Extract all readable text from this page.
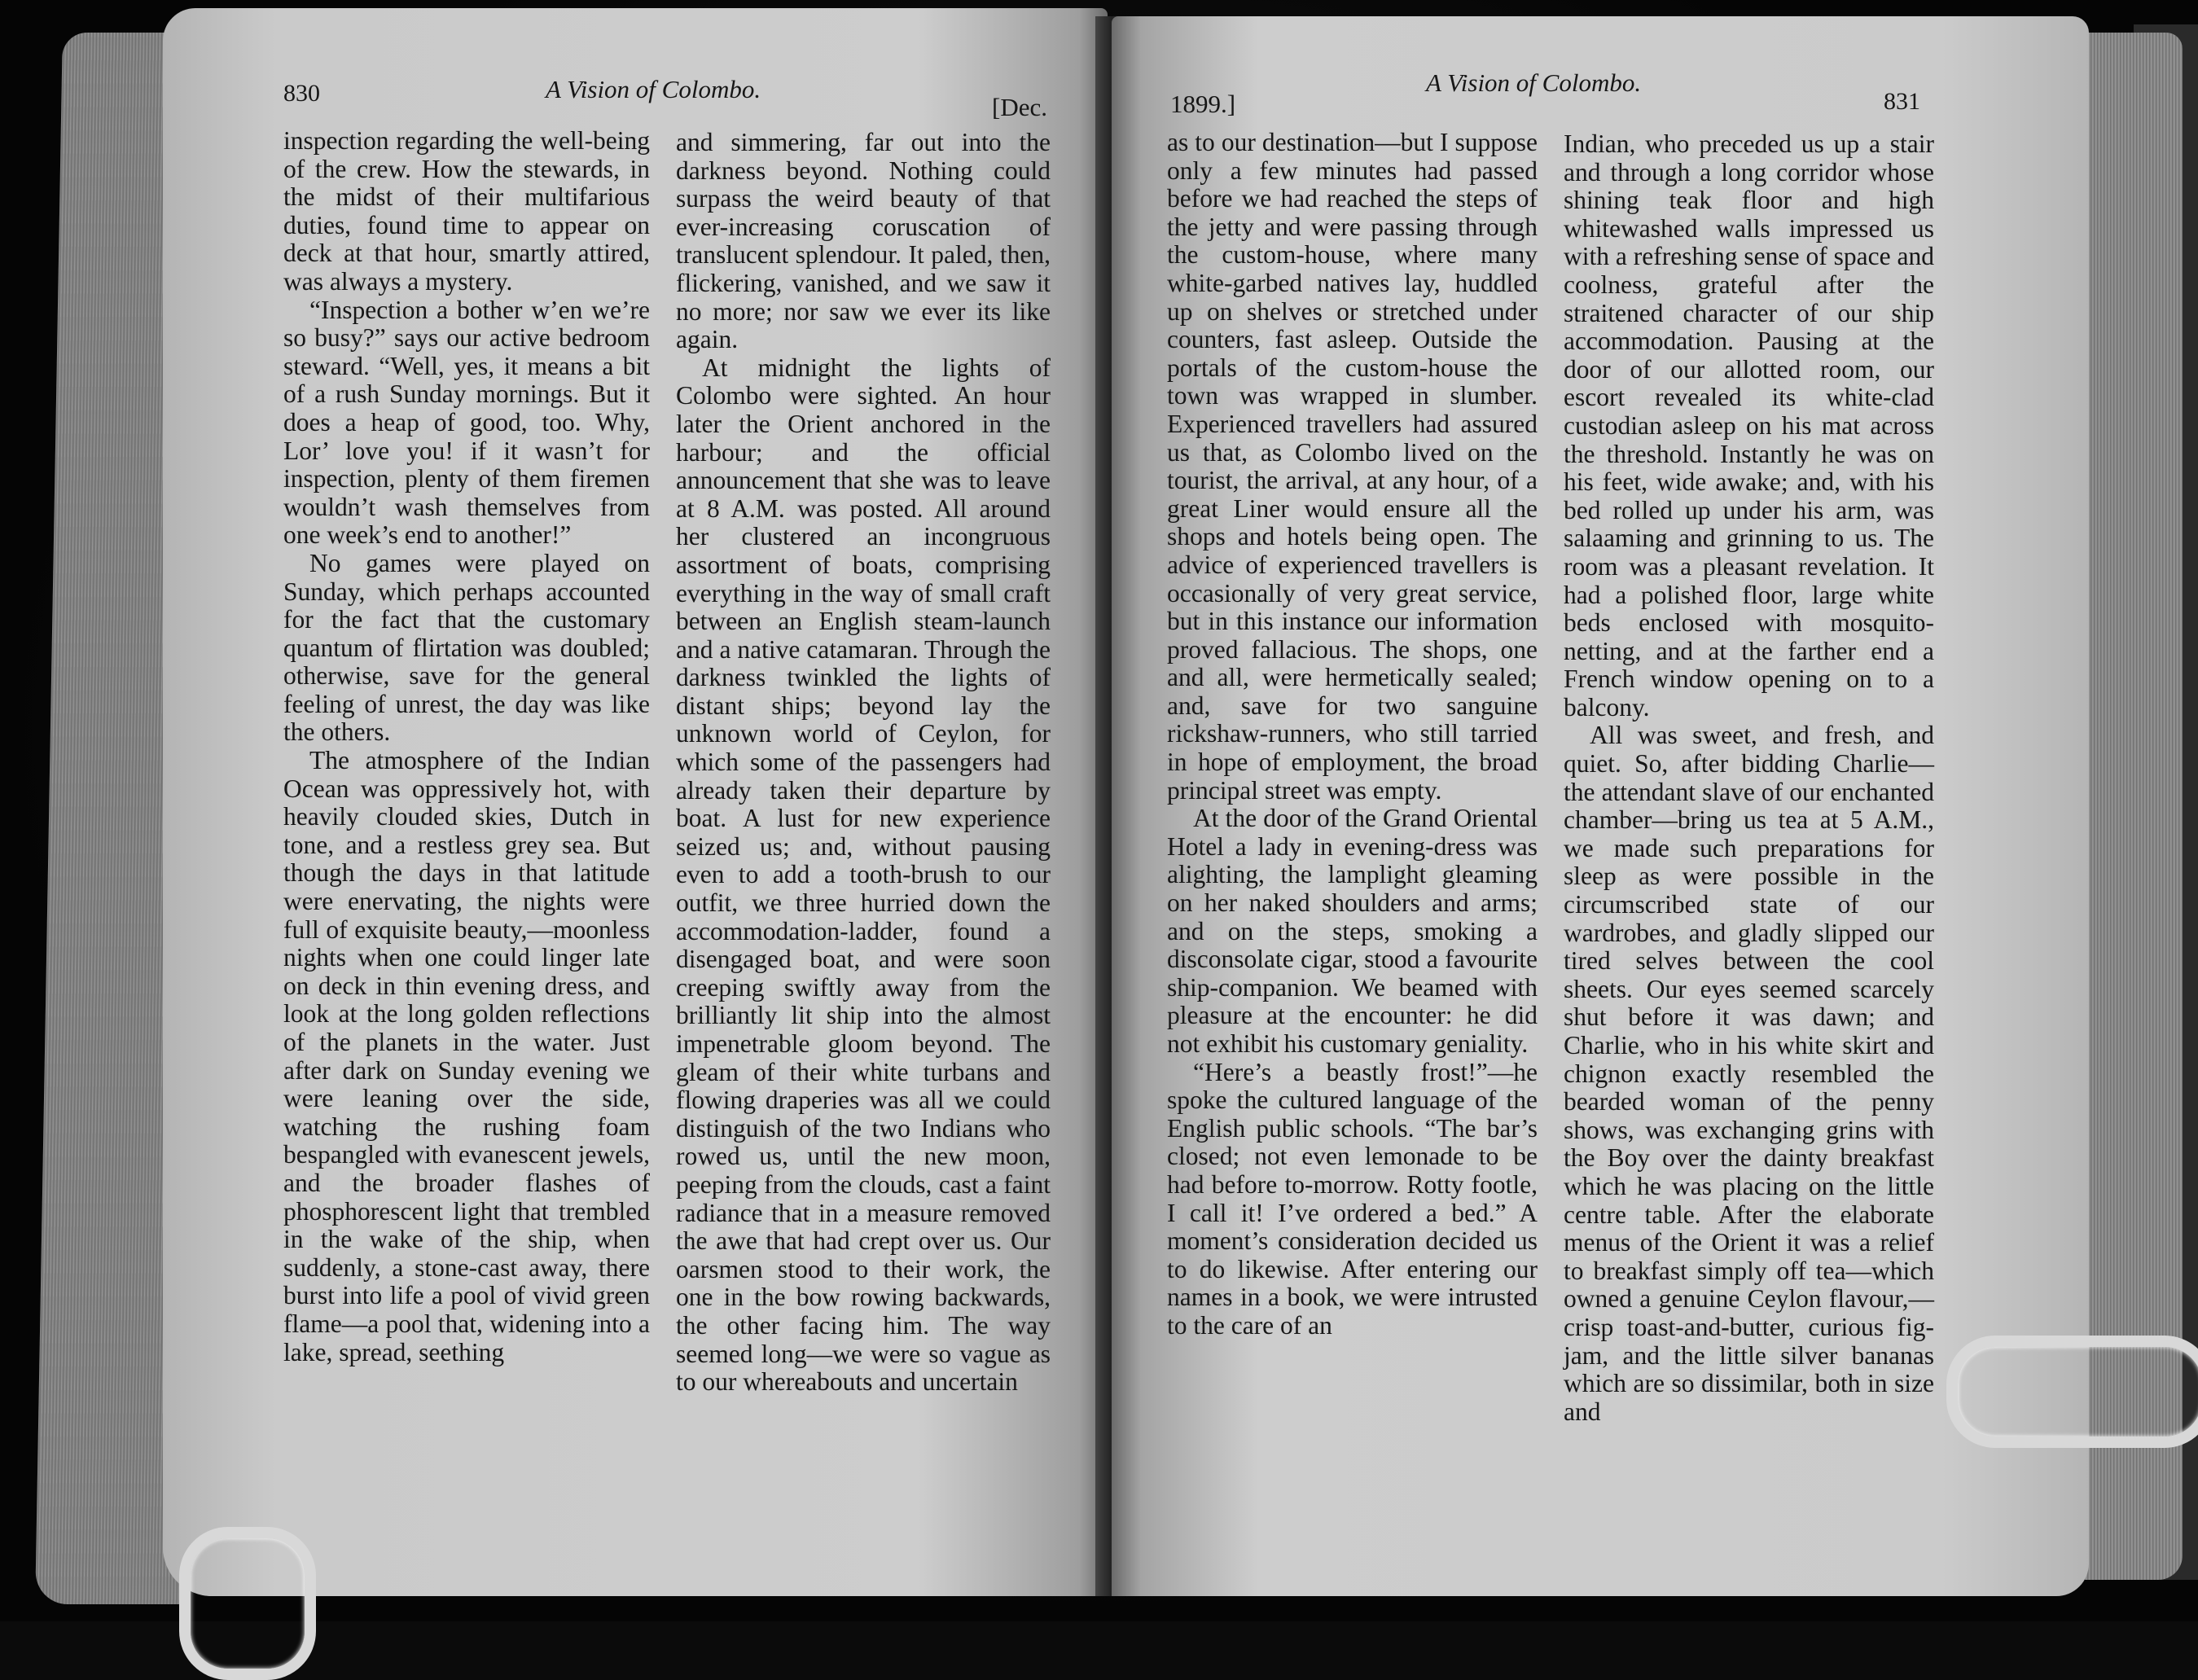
830	A Vision of Colombo.
[Dec.

inspection regarding the well-being of the crew. How the stewards, in the midst of their multifarious duties, found time to appear on deck at that hour, smartly attired, was always a mystery.

“Inspection a bother w’en we’re so busy?” says our active bedroom steward. “Well, yes, it means a bit of a rush Sunday mornings. But it does a heap of good, too. Why, Lor’ love you! if it wasn’t for inspection, plenty of them firemen wouldn’t wash themselves from one week’s end to another!”

No games were played on Sunday, which perhaps accounted for the fact that the customary quantum of flirtation was doubled; otherwise, save for the general feeling of unrest, the day was like the others.

The atmosphere of the Indian Ocean was oppressively hot, with heavily clouded skies, Dutch in tone, and a restless grey sea. But though the days in that latitude were enervating, the nights were full of exquisite beauty,—moonless nights when one could linger late on deck in thin evening dress, and look at the long golden reflections of the planets in the water. Just after dark on Sunday evening we were leaning over the side, watching the rushing foam bespangled with evanescent jewels, and the broader flashes of phosphorescent light that trembled in the wake of the ship, when suddenly, a stone-cast away, there burst into life a pool of vivid green flame—a pool that, widening into a lake, spread, seething

and simmering, far out into the darkness beyond. Nothing could surpass the weird beauty of that ever-increasing coruscation of translucent splendour. It paled, then, flickering, vanished, and we saw it no more; nor saw we ever its like again.

At midnight the lights of Colombo were sighted. An hour later the Orient anchored in the harbour; and the official announcement that she was to leave at 8 A.M. was posted. All around her clustered an incongruous assortment of boats, comprising everything in the way of small craft between an English steam-launch and a native catamaran. Through the darkness twinkled the lights of distant ships; beyond lay the unknown world of Ceylon, for which some of the passengers had already taken their departure by boat. A lust for new experience seized us; and, without pausing even to add a tooth-brush to our outfit, we three hurried down the accommodation-ladder, found a disengaged boat, and were soon creeping swiftly away from the brilliantly lit ship into the almost impenetrable gloom beyond. The gleam of their white turbans and flowing draperies was all we could distinguish of the two Indians who rowed us, until the new moon, peeping from the clouds, cast a faint radiance that in a measure removed the awe that had crept over us. Our oarsmen stood to their work, the one in the bow rowing backwards, the other facing him. The way seemed long—we were so vague as to our whereabouts and uncertain

1899.]
A Vision of Colombo.
831

as to our destination—but I suppose only a few minutes had passed before we had reached the steps of the jetty and were passing through the custom-house, where many white-garbed natives lay, huddled up on shelves or stretched under counters, fast asleep. Outside the portals of the custom-house the town was wrapped in slumber. Experienced travellers had assured us that, as Colombo lived on the tourist, the arrival, at any hour, of a great Liner would ensure all the shops and hotels being open. The advice of experienced travellers is occasionally of very great service, but in this instance our information proved fallacious. The shops, one and all, were hermetically sealed; and, save for two sanguine rickshaw-runners, who still tarried in hope of employment, the broad principal street was empty.

At the door of the Grand Oriental Hotel a lady in evening-dress was alighting, the lamplight gleaming on her naked shoulders and arms; and on the steps, smoking a disconsolate cigar, stood a favourite ship-companion. We beamed with pleasure at the encounter: he did not exhibit his customary geniality.

“Here’s a beastly frost!”—he spoke the cultured language of the English public schools. “The bar’s closed; not even lemonade to be had before to-morrow. Rotty footle, I call it! I’ve ordered a bed.” A moment’s consideration decided us to do likewise. After entering our names in a book, we were intrusted to the care of an

Indian, who preceded us up a stair and through a long corridor whose shining teak floor and high whitewashed walls impressed us with a refreshing sense of space and coolness, grateful after the straitened character of our ship accommodation. Pausing at the door of our allotted room, our escort revealed its white-clad custodian asleep on his mat across the threshold. Instantly he was on his feet, wide awake; and, with his bed rolled up under his arm, was salaaming and grinning to us. The room was a pleasant revelation. It had a polished floor, large white beds enclosed with mosquito-netting, and at the farther end a French window opening on to a balcony.

All was sweet, and fresh, and quiet. So, after bidding Charlie—the attendant slave of our enchanted chamber—bring us tea at 5 A.M., we made such preparations for sleep as were possible in the circumscribed state of our wardrobes, and gladly slipped our tired selves between the cool sheets. Our eyes seemed scarcely shut before it was dawn; and Charlie, who in his white skirt and chignon exactly resembled the bearded woman of the penny shows, was exchanging grins with the Boy over the dainty breakfast which he was placing on the little centre table. After the elaborate menus of the Orient it was a relief to breakfast simply off tea—which owned a genuine Ceylon flavour,—crisp toast-and-butter, curious fig-jam, and the little silver bananas which are so dissimilar, both in size and
